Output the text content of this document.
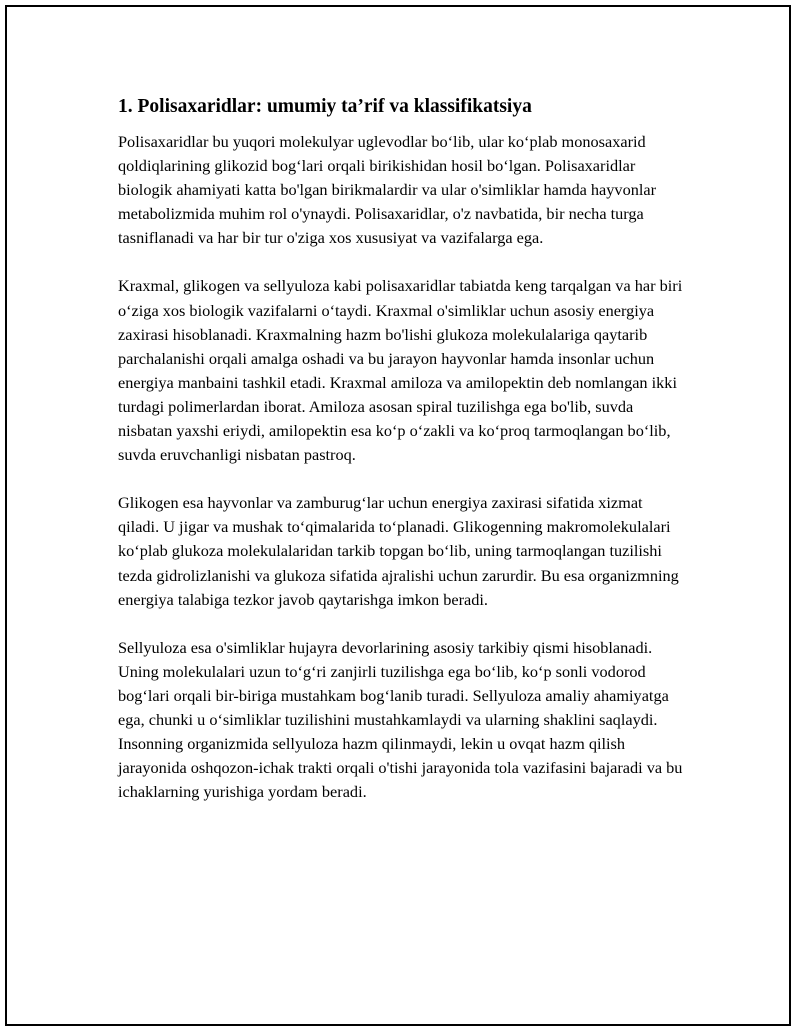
1. Polisaxaridlar: umumiy ta’rif va klassifikatsiya

Polisaxaridlar bu yuqori molekulyar uglevodlar bo‘lib, ular ko‘plab monosaxarid qoldiqlarining glikozid bog‘lari orqali birikishidan hosil bo‘lgan. Polisaxaridlar biologik ahamiyati katta bo'lgan birikmalardir va ular o'simliklar hamda hayvonlar metabolizmida muhim rol o'ynaydi. Polisaxaridlar, o'z navbatida, bir necha turga tasniflanadi va har bir tur o'ziga xos xususiyat va vazifalarga ega.

Kraxmal, glikogen va sellyuloza kabi polisaxaridlar tabiatda keng tarqalgan va har biri o‘ziga xos biologik vazifalarni o‘taydi. Kraxmal o'simliklar uchun asosiy energiya zaxirasi hisoblanadi. Kraxmalning hazm bo'lishi glukoza molekulalariga qaytarib parchalanishi orqali amalga oshadi va bu jarayon hayvonlar hamda insonlar uchun energiya manbaini tashkil etadi. Kraxmal amiloza va amilopektin deb nomlangan ikki turdagi polimerlardan iborat. Amiloza asosan spiral tuzilishga ega bo'lib, suvda nisbatan yaxshi eriydi, amilopektin esa ko‘p o‘zakli va ko‘proq tarmoqlangan bo‘lib, suvda eruvchanligi nisbatan pastroq.

Glikogen esa hayvonlar va zamburug‘lar uchun energiya zaxirasi sifatida xizmat qiladi. U jigar va mushak to‘qimalarida to‘planadi. Glikogenning makromolekulalari ko‘plab glukoza molekulalaridan tarkib topgan bo‘lib, uning tarmoqlangan tuzilishi tezda gidrolizlanishi va glukoza sifatida ajralishi uchun zarurdir. Bu esa organizmning energiya talabiga tezkor javob qaytarishga imkon beradi.

Sellyuloza esa o'simliklar hujayra devorlarining asosiy tarkibiy qismi hisoblanadi. Uning molekulalari uzun to‘g‘ri zanjirli tuzilishga ega bo‘lib, ko‘p sonli vodorod bog‘lari orqali bir-biriga mustahkam bog‘lanib turadi. Sellyuloza amaliy ahamiyatga ega, chunki u o‘simliklar tuzilishini mustahkamlaydi va ularning shaklini saqlaydi. Insonning organizmida sellyuloza hazm qilinmaydi, lekin u ovqat hazm qilish jarayonida oshqozon-ichak trakti orqali o'tishi jarayonida tola vazifasini bajaradi va bu ichaklarning yurishiga yordam beradi.
